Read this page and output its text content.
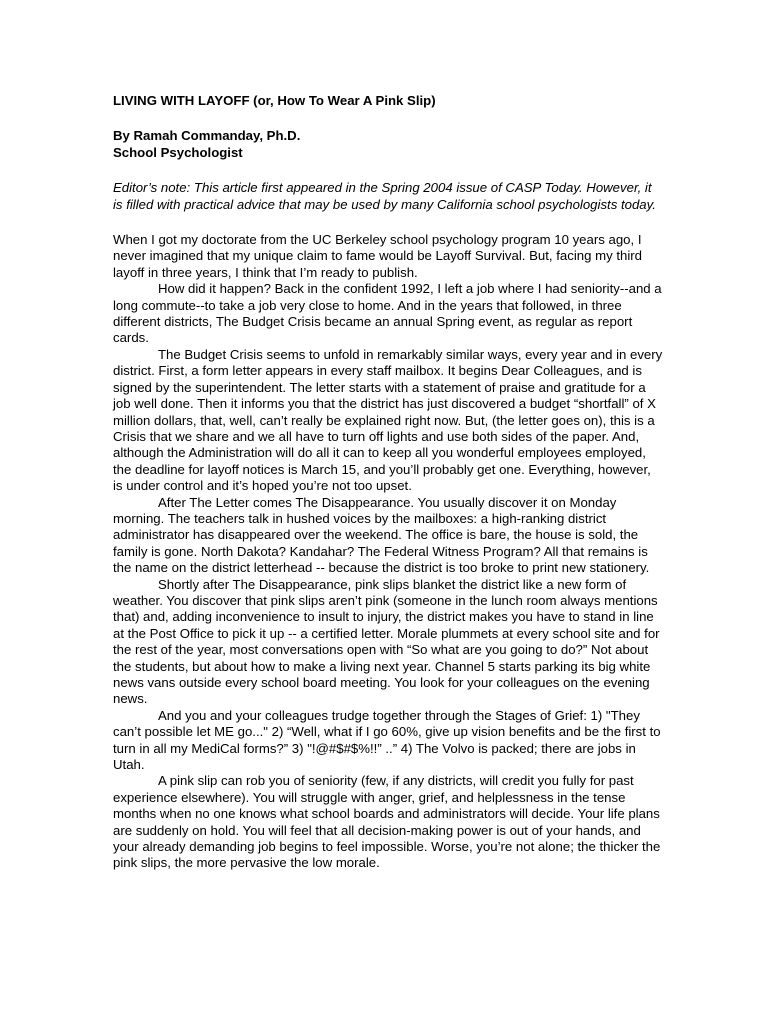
LIVING WITH LAYOFF (or, How To Wear A Pink Slip)

By Ramah Commanday, Ph.D.
School Psychologist

Editor’s note: This article first appeared in the Spring 2004 issue of CASP Today. However, it is filled with practical advice that may be used by many California school psychologists today.

When I got my doctorate from the UC Berkeley school psychology program 10 years ago, I never imagined that my unique claim to fame would be Layoff Survival. But, facing my third layoff in three years, I think that I’m ready to publish.

How did it happen? Back in the confident 1992, I left a job where I had seniority--and a long commute--to take a job very close to home. And in the years that followed, in three different districts, The Budget Crisis became an annual Spring event, as regular as report cards.

The Budget Crisis seems to unfold in remarkably similar ways, every year and in every district. First, a form letter appears in every staff mailbox. It begins Dear Colleagues, and is signed by the superintendent. The letter starts with a statement of praise and gratitude for a job well done. Then it informs you that the district has just discovered a budget “shortfall” of X million dollars, that, well, can’t really be explained right now. But, (the letter goes on), this is a Crisis that we share and we all have to turn off lights and use both sides of the paper. And, although the Administration will do all it can to keep all you wonderful employees employed, the deadline for layoff notices is March 15, and you’ll probably get one. Everything, however, is under control and it’s hoped you’re not too upset.

After The Letter comes The Disappearance. You usually discover it on Monday morning. The teachers talk in hushed voices by the mailboxes: a high-ranking district administrator has disappeared over the weekend. The office is bare, the house is sold, the family is gone. North Dakota? Kandahar? The Federal Witness Program? All that remains is the name on the district letterhead -- because the district is too broke to print new stationery.

Shortly after The Disappearance, pink slips blanket the district like a new form of weather. You discover that pink slips aren’t pink (someone in the lunch room always mentions that) and, adding inconvenience to insult to injury, the district makes you have to stand in line at the Post Office to pick it up -- a certified letter. Morale plummets at every school site and for the rest of the year, most conversations open with “So what are you going to do?” Not about the students, but about how to make a living next year. Channel 5 starts parking its big white news vans outside every school board meeting. You look for your colleagues on the evening news.

And you and your colleagues trudge together through the Stages of Grief: 1) "They can’t possible let ME go..." 2) “Well, what if I go 60%, give up vision benefits and be the first to turn in all my MediCal forms?” 3) "!@#$#$%!!” ..” 4) The Volvo is packed; there are jobs in Utah.

A pink slip can rob you of seniority (few, if any districts, will credit you fully for past experience elsewhere). You will struggle with anger, grief, and helplessness in the tense months when no one knows what school boards and administrators will decide. Your life plans are suddenly on hold. You will feel that all decision-making power is out of your hands, and your already demanding job begins to feel impossible. Worse, you’re not alone; the thicker the pink slips, the more pervasive the low morale.
